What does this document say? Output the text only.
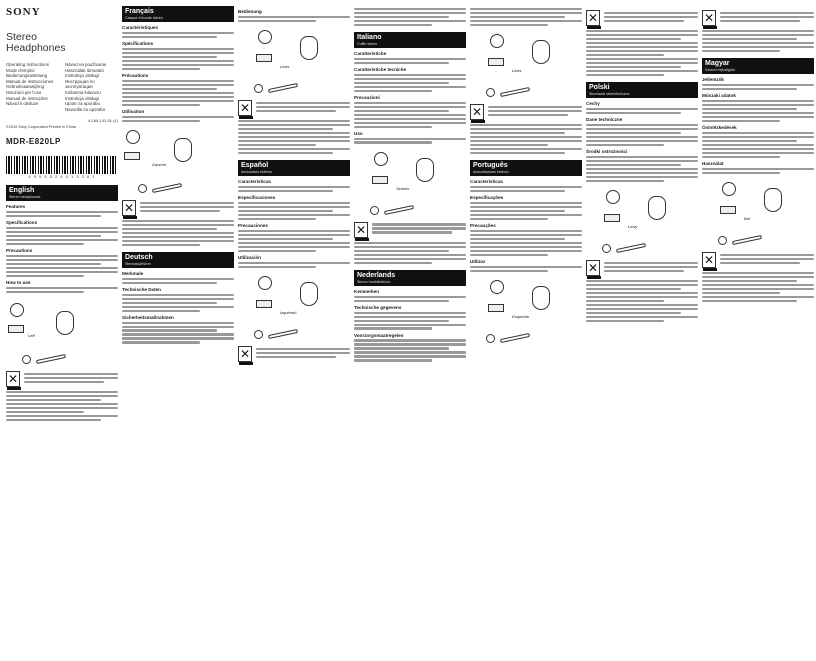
SONY
Stereo
Headphones
Operating Instructions
Mode d'emploi
Bedienungsanleitung
Manual de instrucciones
Gebruiksaanwijzing
Istruzioni per l'uso
Manual de instruções
Návod k obsluze
Návod na používanie
Használati útmutató
Instrukcja obsługi
Инструкция по эксплуатации
Kullanma kılavuzu
Instrukcja obsługi
Upute za uporabu
Navodila za uporabo
4-169-141-51 (1)
©2010 Sony Corporation Printed in China
MDR-E820LP
4 9 0 5 5 2 4 4 1 3 2 8 1
English
Stereo headphones
Features
Specifications
Precautions
How to use
Left
✕
Français
Casque d'écoute stéréo
Caractéristiques
Spécifications
Précautions
Utilisation
Gauche
✕
Deutsch
Stereokopfhörer
Merkmale
Technische Daten
Sicherheitsmaßnahmen
Bedienung
Links
✕
Español
Auriculares estéreo
Características
Especificaciones
Precauciones
Utilización
Izquierdo
✕
Italiano
Cuffie stereo
Caratteristiche
Caratteristiche tecniche
Precauzioni
Uso
Sinistro
✕
Nederlands
Stereo hoofdtelefoon
Kenmerken
Technische gegevens
Voorzorgsmaatregelen
Links
✕
Português
Auscultadores estéreo
Características
Especificações
Precauções
Utilizar
Esquerdo
✕
Polski
Słuchawki stereofoniczne
Cechy
Dane techniczne
Środki ostrożności
Lewy
✕
✕
Magyar
Sztereó fejhallgató
Jellemzők
Műszaki adatok
Óvintézkedések
Használat
Bal
✕
